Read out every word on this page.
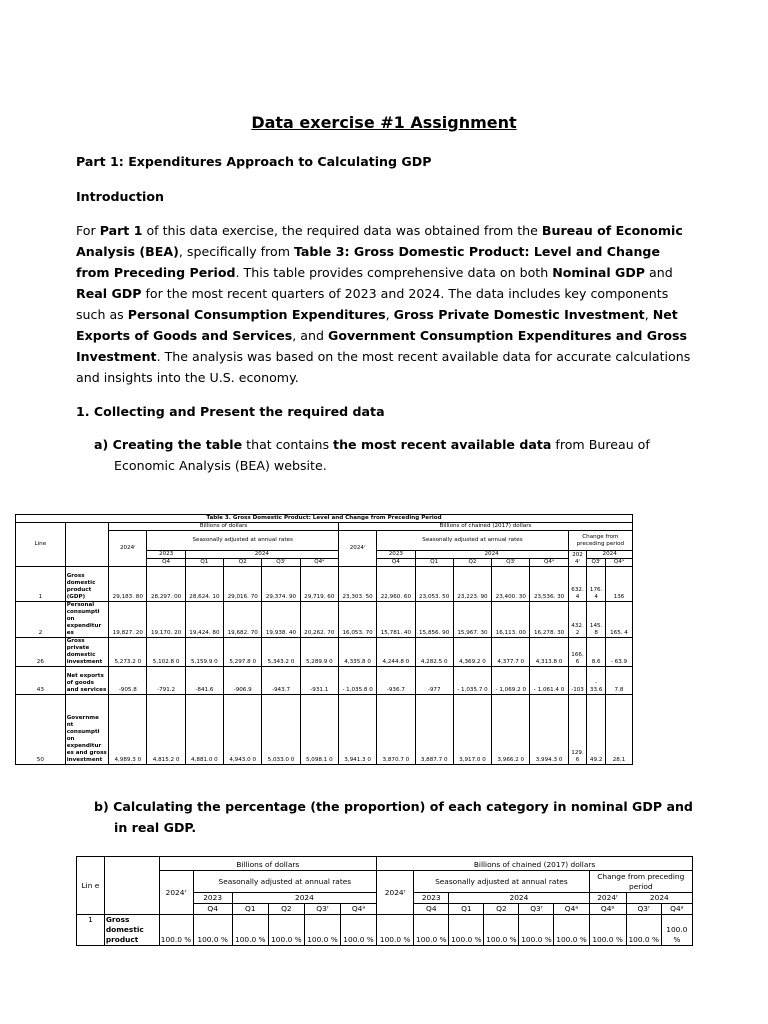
Data exercise #1 Assignment
Part 1: Expenditures Approach to Calculating GDP
Introduction
For Part 1 of this data exercise, the required data was obtained from the Bureau of Economic Analysis (BEA), specifically from Table 3: Gross Domestic Product: Level and Change from Preceding Period. This table provides comprehensive data on both Nominal GDP and Real GDP for the most recent quarters of 2023 and 2024. The data includes key components such as Personal Consumption Expenditures, Gross Private Domestic Investment, Net Exports of Goods and Services, and Government Consumption Expenditures and Gross Investment. The analysis was based on the most recent available data for accurate calculations and insights into the U.S. economy.
1. Collecting and Present the required data
a) Creating the table that contains the most recent available data from Bureau of Economic Analysis (BEA) website.
Table 3. Gross Domestic Product: Level and Change from Preceding Period																
Line		Billions of dollars						Billions of chained (2017) dollars								
		2024ʳ	Seasonally adjusted at annual rates					2024ʳ	Seasonally adjusted at annual rates					Change from preceding period		
			2023	2024					2023	2024				202 4ʳ	2024	
			Q4	Q1	Q2	Q3ʳ	Q4ᵃ		Q4	Q1	Q2	Q3ʳ	Q4ᵃ		Q3ʳ	Q4ᵃ
1	Gross domestic product (GDP)	29,183. 80	28,297. 00	28,624. 10	29,016. 70	29,374. 90	29,719. 60	23,303. 50	22,960. 60	23,053. 50	23,223. 90	23,400. 30	23,536. 30	632. 4	176. 4	136
2	Personal consumpti on expenditur es	19,827. 20	19,170. 20	19,424. 80	19,682. 70	19,938. 40	20,262. 70	16,053. 70	15,781. 40	15,856. 90	15,967. 30	16,113. 00	16,278. 30	432. 2	145. 8	165. 4
26	Gross private domestic investment	5,273.2 0	5,102.8 0	5,159.9 0	5,297.8 0	5,343.2 0	5,289.9 0	4,335.8 0	4,244.8 0	4,282.5 0	4,369.2 0	4,377.7 0	4,313.8 0	166. 6	8.6	- 63.9
43	Net exports of goods and services	-905.8	-791.2	-841.6	-906.9	-943.7	-931.1	- 1,035.8 0	-936.7	-977	- 1,035.7 0	- 1,069.2 0	- 1,061.4 0	-103	- 33.6	7.8
50	Governme nt consumpti on expenditur es and gross investment	4,989.3 0	4,815.2 0	4,881.0 0	4,943.0 0	5,033.0 0	5,098.1 0	3,941.3 0	3,870.7 0	3,887.7 0	3,917.0 0	3,966.2 0	3,994.3 0	129. 6	49.2	28.1
b) Calculating the percentage (the proportion) of each category in nominal GDP and in real GDP.
Lin e		Billions of dollars						Billions of chained (2017) dollars								
		2024ʳ	Seasonally adjusted at annual rates					2024ʳ	Seasonally adjusted at annual rates					Change from preceding period		
			2023	2024					2023	2024				2024ʳ	2024	
			Q4	Q1	Q2	Q3ʳ	Q4ᵃ		Q4	Q1	Q2	Q3ʳ	Q4ᵃ	Q4ᵃ	Q3ʳ	Q4ᵃ
1	Gross domestic product	100.0 %	100.0 %	100.0 %	100.0 %	100.0 %	100.0 %	100.0 %	100.0 %	100.0 %	100.0 %	100.0 %	100.0 %	100.0 %	100.0 %	100.0 %
